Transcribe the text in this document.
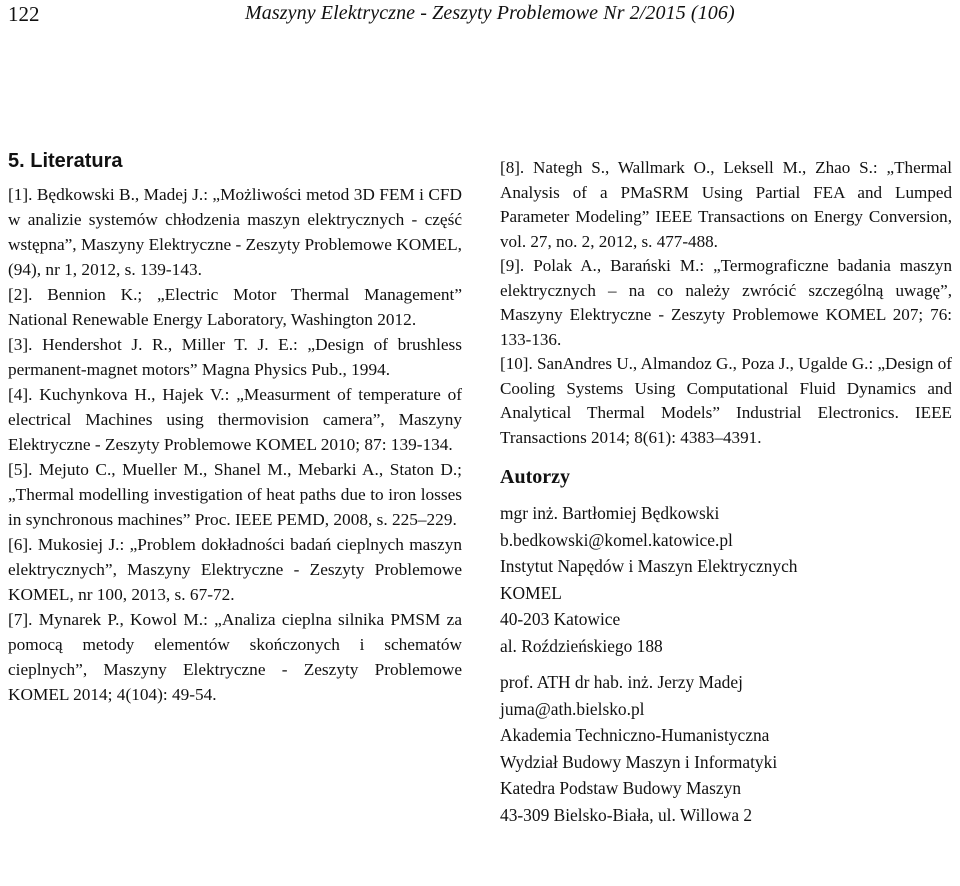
122	Maszyny Elektryczne - Zeszyty Problemowe Nr 2/2015 (106)
5. Literatura

[1]. Będkowski B., Madej J.: „Możliwości metod 3D FEM i CFD w analizie systemów chłodzenia maszyn elektrycznych - część wstępna”, Maszyny Elektryczne - Zeszyty Problemowe KOMEL, (94), nr 1, 2012, s. 139-143.

[2]. Bennion K.; „Electric Motor Thermal Management” National Renewable Energy Laboratory, Washington 2012.

[3]. Hendershot J. R., Miller T. J. E.: „Design of brushless permanent-magnet motors” Magna Physics Pub., 1994.

[4]. Kuchynkova H., Hajek V.: „Measurment of temperature of electrical Machines using thermovision camera”, Maszyny Elektryczne - Zeszyty Problemowe KOMEL 2010; 87: 139-134.

[5]. Mejuto C., Mueller M., Shanel M., Mebarki A., Staton D.; „Thermal modelling investigation of heat paths due to iron losses in synchronous machines” Proc. IEEE PEMD, 2008, s. 225–229.

[6]. Mukosiej J.: „Problem dokładności badań cieplnych maszyn elektrycznych”, Maszyny Elektryczne - Zeszyty Problemowe KOMEL, nr 100, 2013, s. 67-72.

[7]. Mynarek P., Kowol M.: „Analiza cieplna silnika PMSM za pomocą metody elementów skończonych i schematów cieplnych”, Maszyny Elektryczne - Zeszyty Problemowe KOMEL 2014; 4(104): 49-54.

[8]. Nategh S., Wallmark O., Leksell M., Zhao S.: „Thermal Analysis of a PMaSRM Using Partial FEA and Lumped Parameter Modeling” IEEE Transactions on Energy Conversion, vol. 27, no. 2, 2012, s. 477-488.

[9]. Polak A., Barański M.: „Termograficzne badania maszyn elektrycznych – na co należy zwrócić szczególną uwagę”, Maszyny Elektryczne - Zeszyty Problemowe KOMEL 207; 76: 133-136.

[10]. SanAndres U., Almandoz G., Poza J., Ugalde G.: „Design of Cooling Systems Using Computational Fluid Dynamics and Analytical Thermal Models” Industrial Electronics. IEEE Transactions 2014; 8(61): 4383–4391.

Autorzy

mgr inż. Bartłomiej Będkowski

b.bedkowski@komel.katowice.pl

Instytut Napędów i Maszyn Elektrycznych

KOMEL

40-203 Katowice

al. Roździeńskiego 188

prof. ATH dr hab. inż. Jerzy Madej

juma@ath.bielsko.pl

Akademia Techniczno-Humanistyczna

Wydział Budowy Maszyn i Informatyki

Katedra Podstaw Budowy Maszyn

43-309 Bielsko-Biała, ul. Willowa 2
